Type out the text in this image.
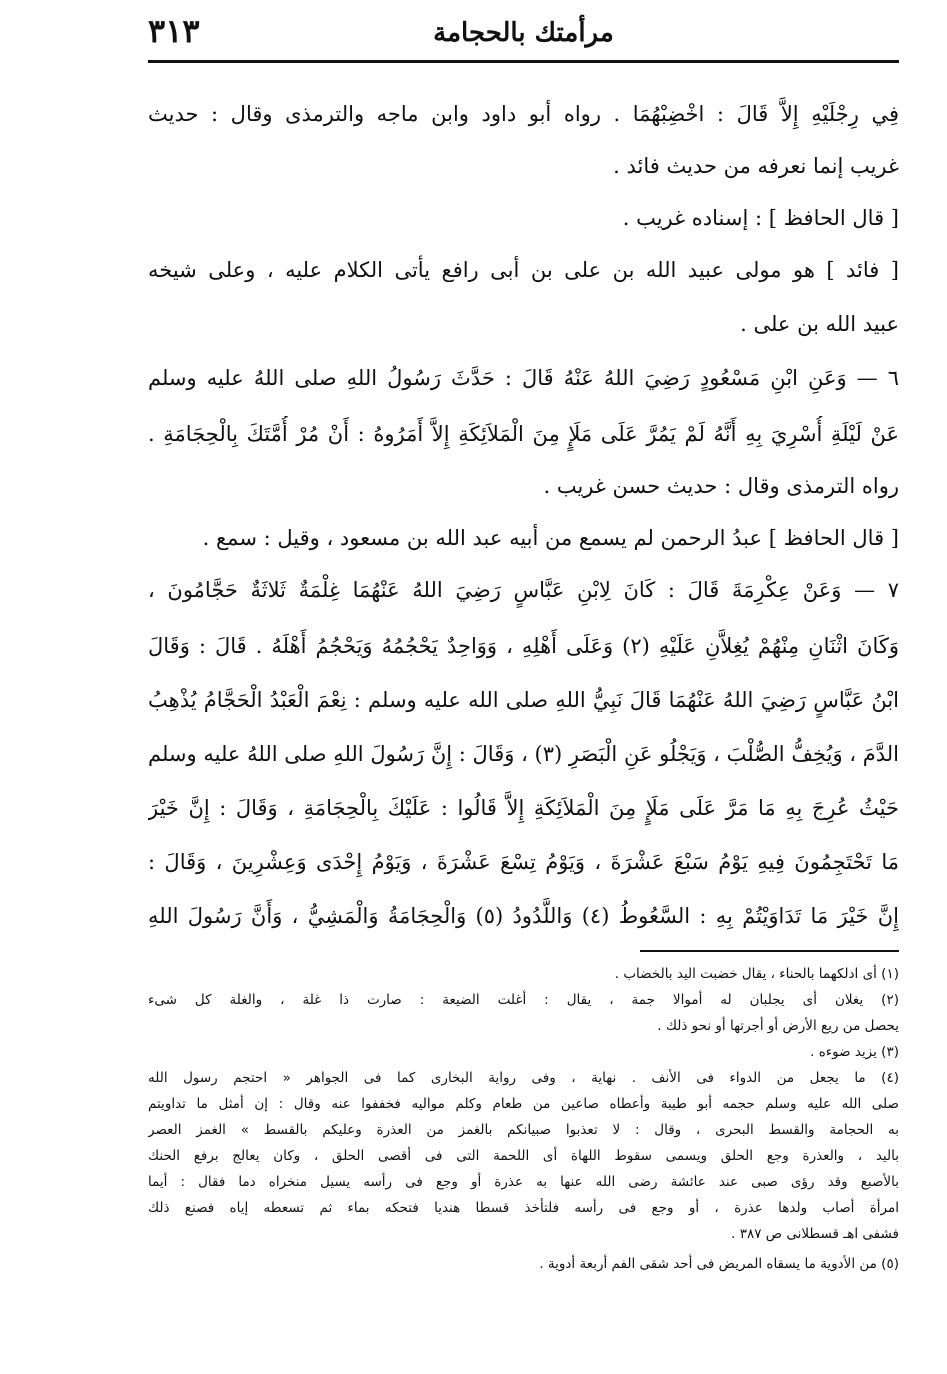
مرأمتك بالحجامة
٣١٣
فِي رِجْلَيْهِ إِلاَّ قَالَ : اخْضِبْهُمَا . رواه أبو داود وابن ماجه والترمذى وقال : حديث
غريب إنما نعرفه من حديث فائد .
[ قال الحافظ ] : إسناده غريب .
[ فائد ] هو مولى عبيد الله بن على بن أبى رافع يأتى الكلام عليه ، وعلى شيخه
عبيد الله بن على .
٦ — وَعَنِ ابْنِ مَسْعُودٍ رَضِيَ اللهُ عَنْهُ قَالَ : حَدَّثَ رَسُولُ اللهِ صلى اللهُ عليه وسلم
عَنْ لَيْلَةِ أُسْرِيَ بِهِ أَنَّهُ لَمْ يَمُرَّ عَلَى مَلَإٍ مِنَ الْمَلاَئِكَةِ إِلاَّ أَمَرُوهُ : أَنْ مُرْ أُمَّتَكَ بِالْحِجَامَةِ .
رواه الترمذى وقال : حديث حسن غريب .
[ قال الحافظ ] عبدُ الرحمن لم يسمع من أبيه عبد الله بن مسعود ، وقيل : سمع .
٧ — وَعَنْ عِكْرِمَةَ قَالَ : كَانَ لِابْنِ عَبَّاسٍ رَضِيَ اللهُ عَنْهُمَا غِلْمَةٌ ثَلاثَةٌ حَجَّامُونَ ،
وَكَانَ اثْنَانِ مِنْهُمْ يُغِلاَّنِ عَلَيْهِ (٢) وَعَلَى أَهْلِهِ ، وَوَاحِدٌ يَحْجُمُهُ وَيَحْجُمُ أَهْلَهُ . قَالَ : وَقَالَ
ابْنُ عَبَّاسٍ رَضِيَ اللهُ عَنْهُمَا قَالَ نَبِيُّ اللهِ صلى الله عليه وسلم : نِعْمَ الْعَبْدُ الْحَجَّامُ يُذْهِبُ
الدَّمَ ، وَيُخِفُّ الصُّلْبَ ، وَيَجْلُو عَنِ الْبَصَرِ (٣) ، وَقَالَ : إِنَّ رَسُولَ اللهِ صلى اللهُ عليه وسلم
حَيْثُ عُرِجَ بِهِ مَا مَرَّ عَلَى مَلَإٍ مِنَ الْمَلاَئِكَةِ إِلاَّ قَالُوا : عَلَيْكَ بِالْحِجَامَةِ ، وَقَالَ : إِنَّ خَيْرَ
مَا تَحْتَجِمُونَ فِيهِ يَوْمُ سَبْعَ عَشْرَةَ ، وَيَوْمُ تِسْعَ عَشْرَةَ ، وَيَوْمُ إِحْدَى وَعِشْرِينَ ، وَقَالَ :
إِنَّ خَيْرَ مَا تَدَاوَيْتُمْ بِهِ : السَّعُوطُ (٤) وَاللَّدُودُ (٥) وَالْحِجَامَةُ وَالْمَشِيُّ ، وَأَنَّ رَسُولَ اللهِ
(١) أى ادلكهما بالحناء ، يقال خضبت اليد بالخضاب .
(٢) يغلان أى يجلبان له أموالا جمة ، يقال : أغلت الضيعة : صارت ذا غلة ، والغلة كل شىء
يحصل من ريع الأرض أو أجرتها أو نحو ذلك .
(٣) يزيد ضوءه .
(٤) ما يجعل من الدواء فى الأنف . نهاية ، وفى رواية البخارى كما فى الجواهر « احتجم رسول الله
صلى الله عليه وسلم حجمه أبو طيبة وأعطاه صاعين من طعام وكلم مواليه فخففوا عنه وقال : إن أمثل ما تداويتم
به الحجامة والقسط البحرى ، وقال : لا تعذبوا صبيانكم بالغمز من العذرة وعليكم بالقسط » الغمز العصر
باليد ، والعذرة وجع الحلق ويسمى سقوط اللهاة أى اللحمة التى فى أقصى الحلق ، وكان يعالج برفع الحنك
بالأصبع وقد رؤى صبى عند عائشة رضى الله عنها به عذرة أو وجع فى رأسه يسيل منخراه دما فقال : أيما
امرأة أصاب ولدها عذرة ، أو وجع فى رأسه فلتأخذ قسطا هنديا فتحكه بماء ثم تسعطه إياه فصنع ذلك
فشفى اهـ قسطلانى ص ٣٨٧ .
(٥) من الأدوية ما يسقاه المريض فى أحد شقى الفم أربعة أدوية .
